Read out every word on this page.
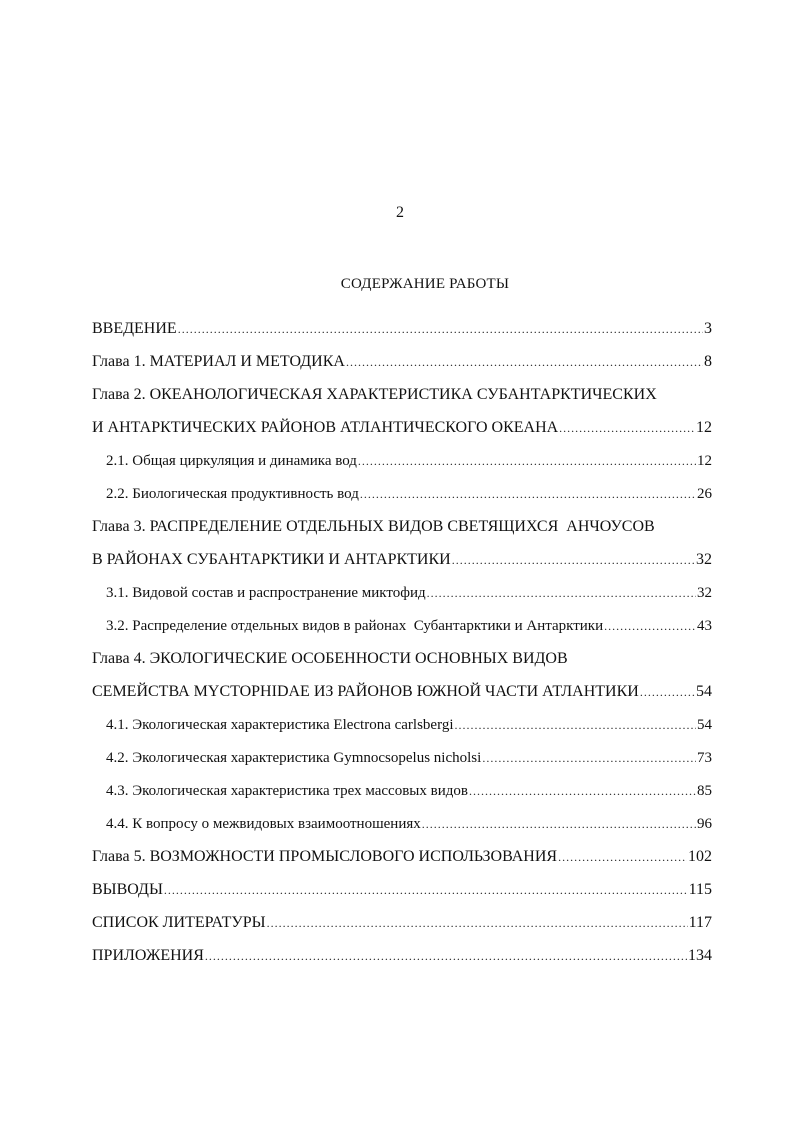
2
СОДЕРЖАНИЕ РАБОТЫ
ВВЕДЕНИЕ .....	3
Глава 1. МАТЕРИАЛ И МЕТОДИКА .....	8
Глава 2. ОКЕАНОЛОГИЧЕСКАЯ ХАРАКТЕРИСТИКА СУБАНТАРКТИЧЕСКИХ
И АНТАРКТИЧЕСКИХ РАЙОНОВ АТЛАНТИЧЕСКОГО ОКЕАНА .....	12
2.1. Общая циркуляция и динамика вод .....	12
2.2. Биологическая продуктивность вод .....	26
Глава 3. РАСПРЕДЕЛЕНИЕ ОТДЕЛЬНЫХ ВИДОВ СВЕТЯЩИХСЯ  АНЧОУСОВ
В РАЙОНАХ СУБАНТАРКТИКИ И АНТАРКТИКИ .....	32
3.1. Видовой состав и распространение миктофид .....	32
3.2. Распределение отдельных видов в районах  Субантарктики и Антарктики .....	43
Глава 4. ЭКОЛОГИЧЕСКИЕ ОСОБЕННОСТИ ОСНОВНЫХ ВИДОВ
СЕМЕЙСТВА MYCTOPHIDAE ИЗ РАЙОНОВ ЮЖНОЙ ЧАСТИ АТЛАНТИКИ .....	54
4.1. Экологическая характеристика Electrona carlsbergi .....	54
4.2. Экологическая характеристика Gymnocsopelus nicholsi .....	73
4.3. Экологическая характеристика трех массовых видов .....	85
4.4. К вопросу о межвидовых взаимоотношениях .....	96
Глава 5. ВОЗМОЖНОСТИ ПРОМЫСЛОВОГО ИСПОЛЬЗОВАНИЯ .....	102
ВЫВОДЫ .....	115
СПИСОК ЛИТЕРАТУРЫ .....	117
ПРИЛОЖЕНИЯ .....	134
